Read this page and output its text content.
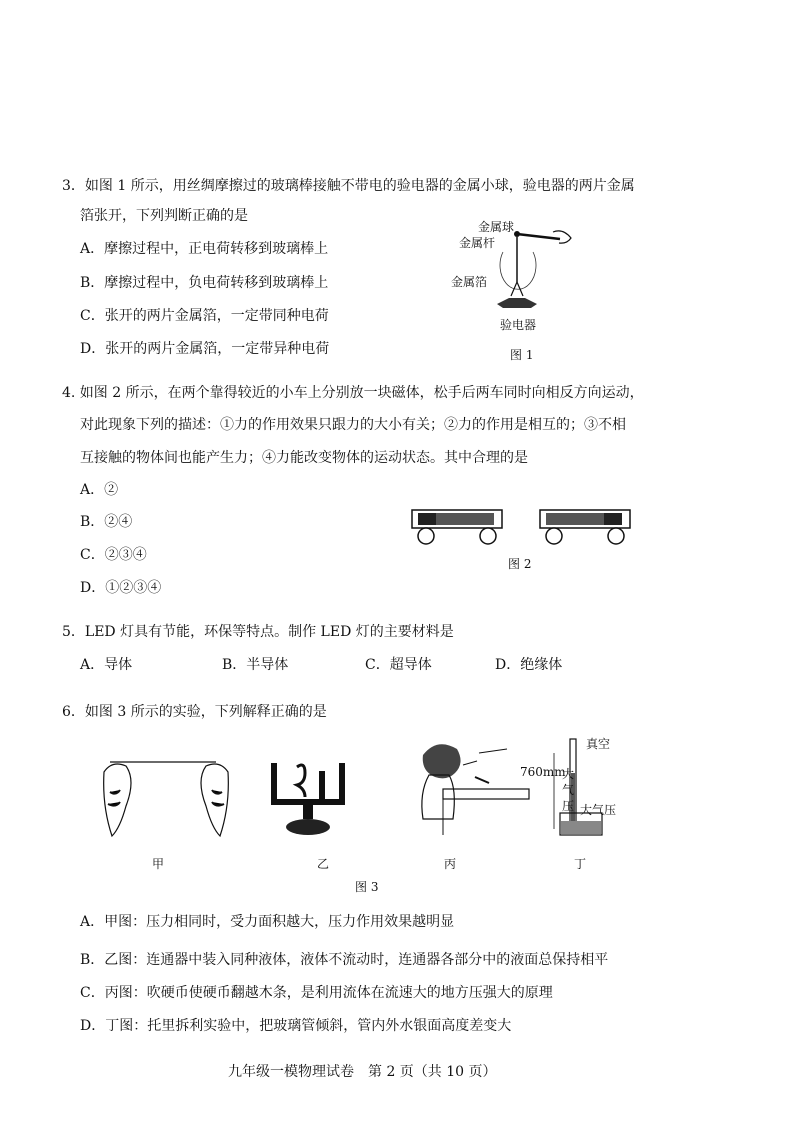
3．如图 1 所示，用丝绸摩擦过的玻璃棒接触不带电的验电器的金属小球，验电器的两片金属
箔张开，下列判断正确的是
A．摩擦过程中，正电荷转移到玻璃棒上
B．摩擦过程中，负电荷转移到玻璃棒上
C．张开的两片金属箔，一定带同种电荷
D．张开的两片金属箔，一定带异种电荷
金属球
金属杆
金属箔
验电器
图 1
4. 如图 2 所示，在两个靠得较近的小车上分别放一块磁体，松手后两车同时向相反方向运动，
对此现象下列的描述：①力的作用效果只跟力的大小有关；②力的作用是相互的；③不相
互接触的物体间也能产生力；④力能改变物体的运动状态。其中合理的是
A．②
B．②④
C．②③④
D．①②③④
图 2
5．LED 灯具有节能，环保等特点。制作 LED 灯的主要材料是
A．导体	B．半导体	C．超导体	D．绝缘体
6．如图 3 所示的实验，下列解释正确的是
真空
760mm
大
气
压 大气压
甲	乙	丙	丁
图 3
A．甲图：压力相同时，受力面积越大，压力作用效果越明显
B．乙图：连通器中装入同种液体，液体不流动时，连通器各部分中的液面总保持相平
C．丙图：吹硬币使硬币翻越木条，是利用流体在流速大的地方压强大的原理
D．丁图：托里拆利实验中，把玻璃管倾斜，管内外水银面高度差变大
九年级一模物理试卷　第 2 页（共 10 页）
